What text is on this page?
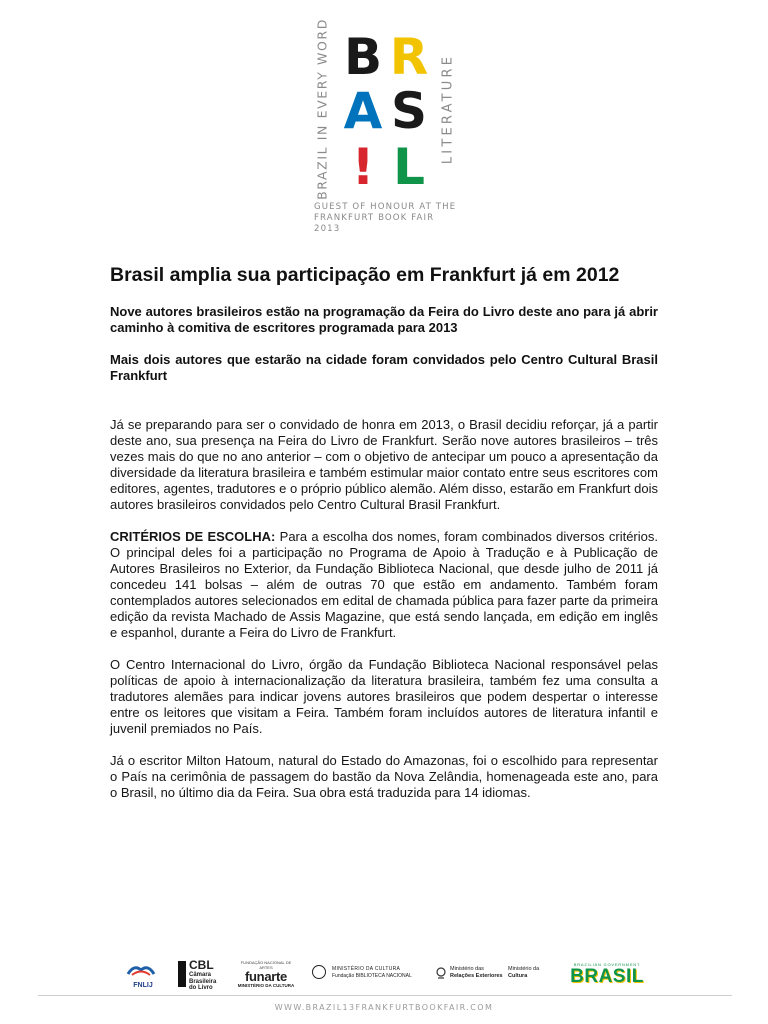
BRAZIL IN EVERY WORD B R
A S
! L
LITERATURE
GUEST OF HONOUR AT THE
FRANKFURT BOOK FAIR 2013
Brasil amplia sua participação em Frankfurt já em 2012

Nove autores brasileiros estão na programação da Feira do Livro deste ano para já abrir caminho à comitiva de escritores programada para 2013

Mais dois autores que estarão na cidade foram convidados pelo Centro Cultural Brasil Frankfurt

Já se preparando para ser o convidado de honra em 2013, o Brasil decidiu reforçar, já a partir deste ano, sua presença na Feira do Livro de Frankfurt. Serão nove autores brasileiros – três vezes mais do que no ano anterior – com o objetivo de antecipar um pouco a apresentação da diversidade da literatura brasileira e também estimular maior contato entre seus escritores com editores, agentes, tradutores e o próprio público alemão. Além disso, estarão em Frankfurt dois autores brasileiros convidados pelo Centro Cultural Brasil Frankfurt.

CRITÉRIOS DE ESCOLHA: Para a escolha dos nomes, foram combinados diversos critérios. O principal deles foi a participação no Programa de Apoio à Tradução e à Publicação de Autores Brasileiros no Exterior, da Fundação Biblioteca Nacional, que desde julho de 2011 já concedeu 141 bolsas – além de outras 70 que estão em andamento. Também foram contemplados autores selecionados em edital de chamada pública para fazer parte da primeira edição da revista Machado de Assis Magazine, que está sendo lançada, em edição em inglês e espanhol, durante a Feira do Livro de Frankfurt.

O Centro Internacional do Livro, órgão da Fundação Biblioteca Nacional responsável pelas políticas de apoio à internacionalização da literatura brasileira, também fez uma consulta a tradutores alemães para indicar jovens autores brasileiros que podem despertar o interesse entre os leitores que visitam a Feira. Também foram incluídos autores de literatura infantil e juvenil premiados no País.

Já o escritor Milton Hatoum, natural do Estado do Amazonas, foi o escolhido para representar o País na cerimônia de passagem do bastão da Nova Zelândia, homenageada este ano, para o Brasil, no último dia da Feira. Sua obra está traduzida para 14 idiomas.

FNLIJ
CBL
Câmara
Brasileira
do Livro
FUNDAÇÃO NACIONAL DE ARTES
funarte
MINISTÉRIO DA CULTURA
MINISTÉRIO DA CULTURA
Fundação BIBLIOTECA NACIONAL
Ministério das
Relações Exteriores
Ministério da
Cultura
BRAZILIAN GOVERNMENT
BRASIL
WWW.BRAZIL13FRANKFURTBOOKFAIR.COM
